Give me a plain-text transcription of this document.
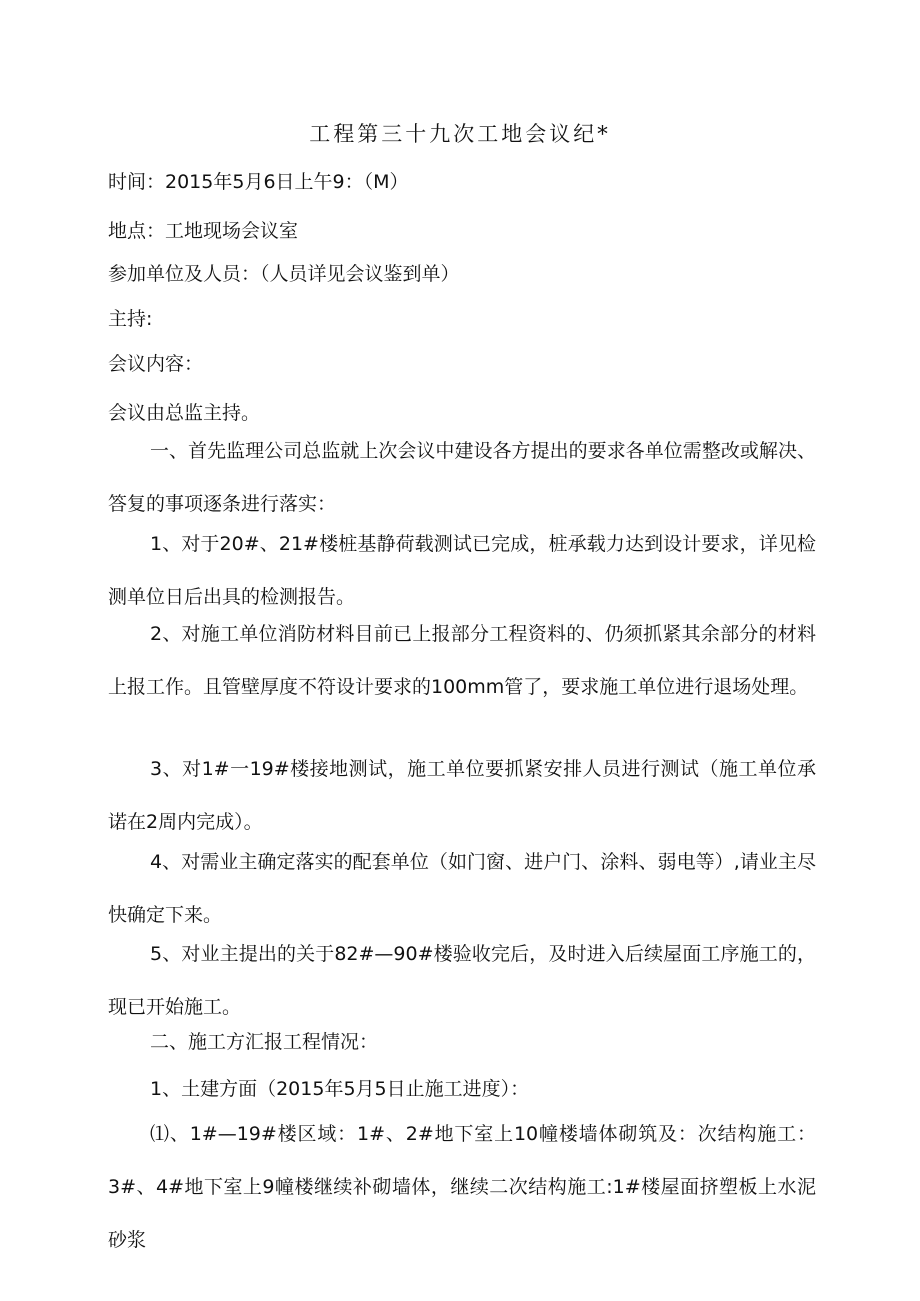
工程第三十九次工地会议纪*
时间：2015年5月6日上午9：（M）
地点：工地现场会议室
参加单位及人员：（人员详见会议鉴到单）
主持:
会议内容：
会议由总监主持。
一、首先监理公司总监就上次会议中建设各方提出的要求各单位需整改或解决、答复的事项逐条进行落实：
1、对于20#、21#楼桩基静荷载测试已完成，桩承载力达到设计要求，详见检测单位日后出具的检测报告。
2、对施工单位消防材料目前已上报部分工程资料的、仍须抓紧其余部分的材料上报工作。且管壁厚度不符设计要求的100mm管了，要求施工单位进行退场处理。
3、对1#一19#楼接地测试，施工单位要抓紧安排人员进行测试（施工单位承诺在2周内完成）。
4、对需业主确定落实的配套单位（如门窗、进户门、涂料、弱电等）,请业主尽快确定下来。
5、对业主提出的关于82#—90#楼验收完后，及时进入后续屋面工序施工的，现已开始施工。
二、施工方汇报工程情况：
1、土建方面（2015年5月5日止施工进度）：
⑴、1#—19#楼区域：1#、2#地下室上10幢楼墙体砌筑及：次结构施工：3#、4#地下室上9幢楼继续补砌墙体，继续二次结构施工:1#楼屋面挤塑板上水泥砂浆
